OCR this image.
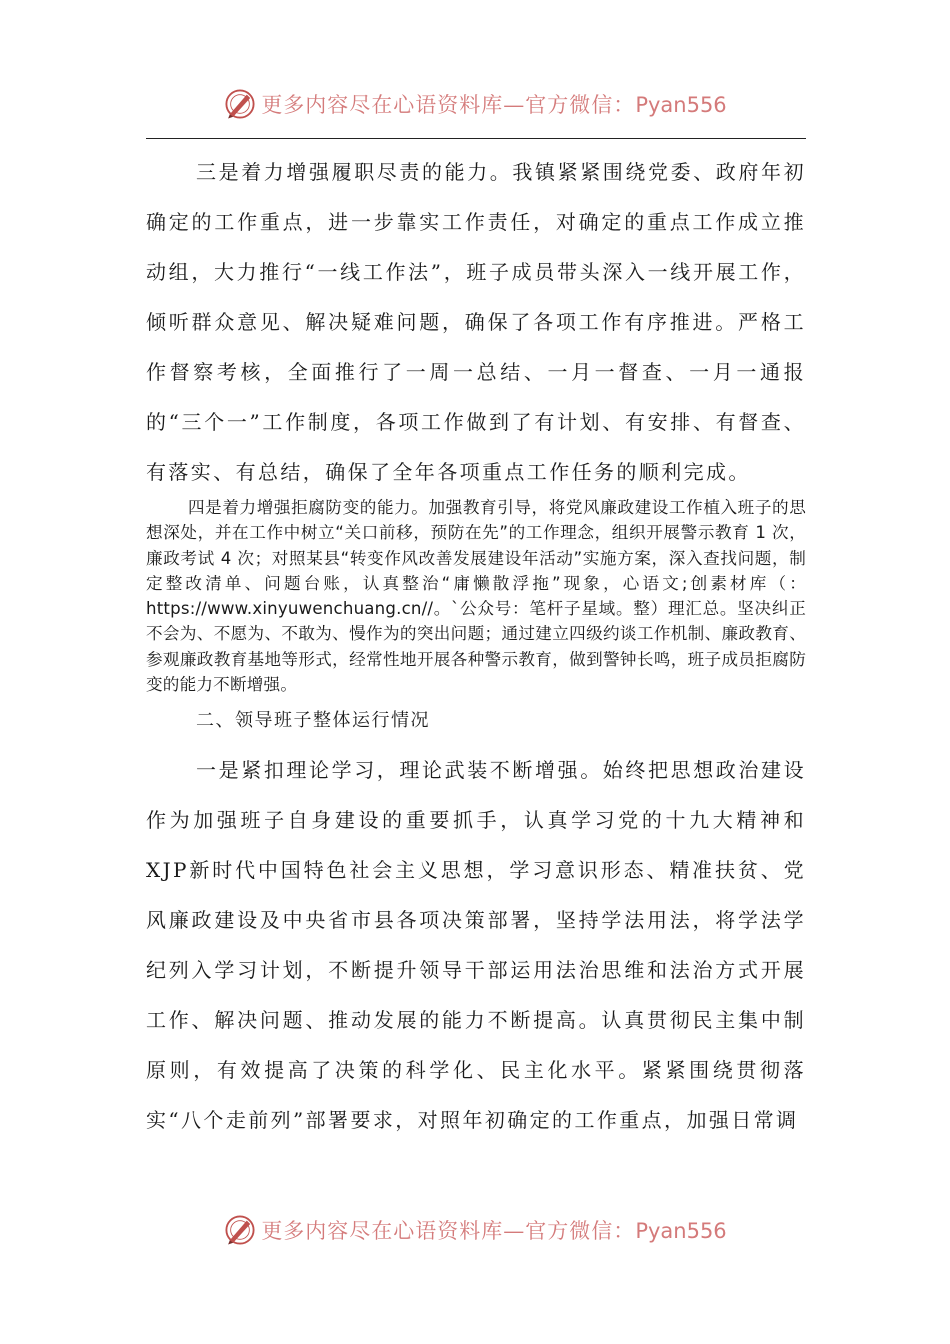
更多内容尽在心语资料库—官方微信：Pyan556

三是着力增强履职尽责的能力。我镇紧紧围绕党委、政府年初确定的工作重点，进一步靠实工作责任，对确定的重点工作成立推动组，大力推行“一线工作法”，班子成员带头深入一线开展工作，倾听群众意见、解决疑难问题，确保了各项工作有序推进。严格工作督察考核，全面推行了一周一总结、一月一督查、一月一通报的“三个一”工作制度，各项工作做到了有计划、有安排、有督查、有落实、有总结，确保了全年各项重点工作任务的顺利完成。

四是着力增强拒腐防变的能力。加强教育引导，将党风廉政建设工作植入班子的思想深处，并在工作中树立“关口前移，预防在先”的工作理念，组织开展警示教育 1 次，廉政考试 4 次；对照某县“转变作风改善发展建设年活动”实施方案，深入查找问题，制定整改清单、问题台账，认真整治“庸懒散浮拖”现象，心语文;创素材库（：https://www.xinyuwenchuang.cn//。`公众号：笔杆子星域。整）理汇总。坚决纠正不会为、不愿为、不敢为、慢作为的突出问题；通过建立四级约谈工作机制、廉政教育、参观廉政教育基地等形式，经常性地开展各种警示教育，做到警钟长鸣，班子成员拒腐防变的能力不断增强。

二、领导班子整体运行情况

一是紧扣理论学习，理论武装不断增强。始终把思想政治建设作为加强班子自身建设的重要抓手，认真学习党的十九大精神和XJP新时代中国特色社会主义思想，学习意识形态、精准扶贫、党风廉政建设及中央省市县各项决策部署，坚持学法用法，将学法学纪列入学习计划，不断提升领导干部运用法治思维和法治方式开展工作、解决问题、推动发展的能力不断提高。认真贯彻民主集中制原则，有效提高了决策的科学化、民主化水平。紧紧围绕贯彻落实“八个走前列”部署要求，对照年初确定的工作重点，加强日常调

更多内容尽在心语资料库—官方微信：Pyan556
